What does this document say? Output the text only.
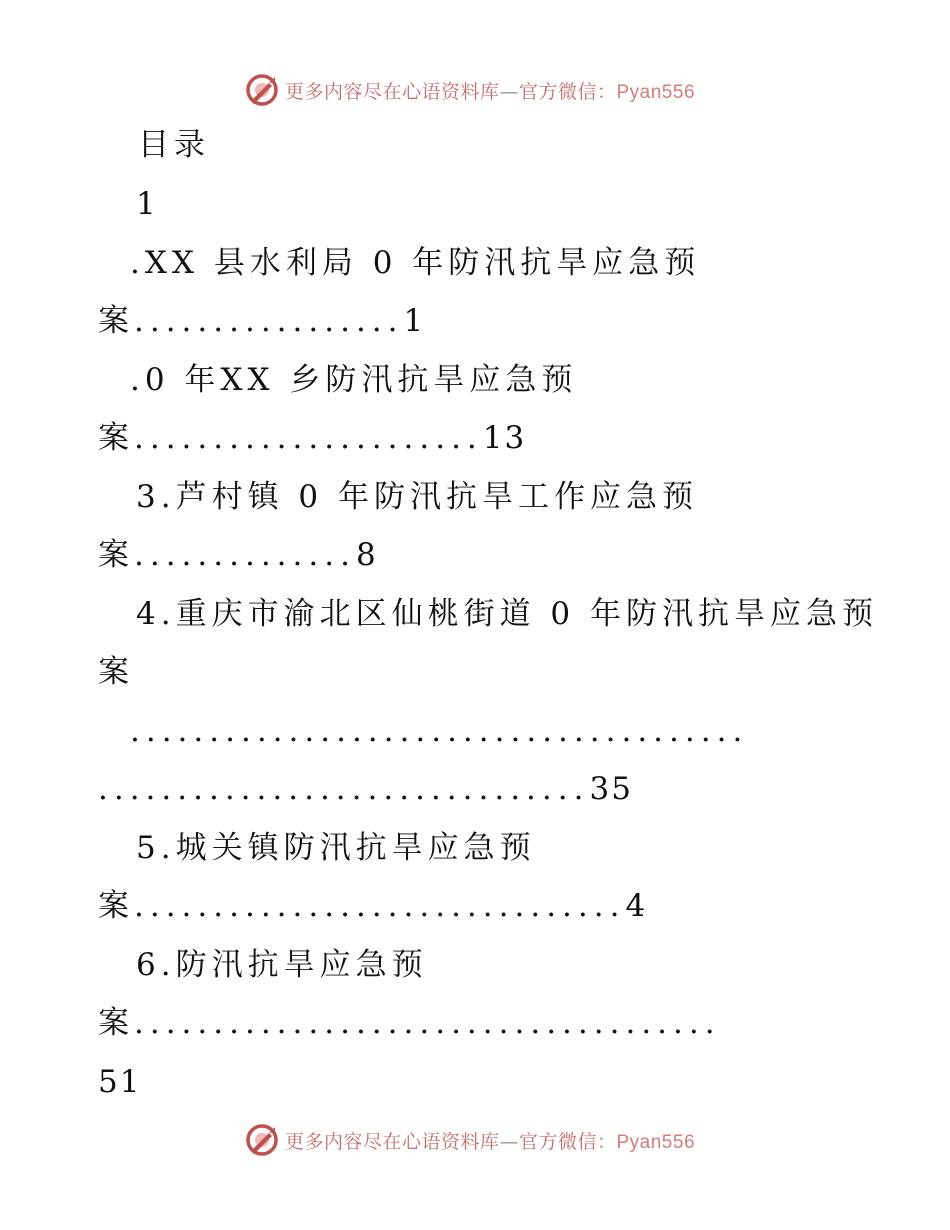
更多内容尽在心语资料库—官方微信：Pyan556
目录
1
.XX 县水利局 0 年防汛抗旱应急预
案.................1
.0 年XX 乡防汛抗旱应急预
案......................13
3.芦村镇 0 年防汛抗旱工作应急预
案..............8
4.重庆市渝北区仙桃街道 0 年防汛抗旱应急预
案
.......................................
...............................35
5.城关镇防汛抗旱应急预
案...............................4
6.防汛抗旱应急预
案.....................................
51
更多内容尽在心语资料库—官方微信：Pyan556
